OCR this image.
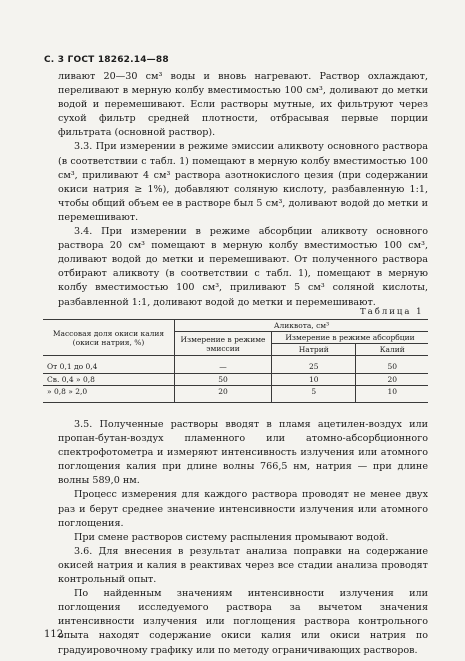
С. 3 ГОСТ 18262.14—88

ливают 20—30 см³ воды и вновь нагревают. Раствор охлаждают, переливают в мерную колбу вместимостью 100 см³, доливают до метки водой и перемешивают. Если растворы мутные, их фильтруют через сухой фильтр средней плотности, отбрасывая первые порции фильтрата (основной раствор).

3.3. При измерении в режиме эмиссии аликвоту основного раствора (в соответствии с табл. 1) помещают в мерную колбу вместимостью 100 см³, приливают 4 см³ раствора азотнокислого цезия (при содержании окиси натрия ≥ 1%), добавляют соляную кислоту, разбавленную 1:1, чтобы общий объем ее в растворе был 5 см³, доливают водой до метки и перемешивают.

3.4. При измерении в режиме абсорбции аликвоту основного раствора 20 см³ помещают в мерную колбу вместимостью 100 см³, доливают водой до метки и перемешивают. От полученного раствора отбирают аликвоту (в соответствии с табл. 1), помещают в мерную колбу вместимостью 100 см³, приливают 5 см³ соляной кислоты, разбавленной 1:1, доливают водой до метки и перемешивают.

Таблица 1
Массовая доля окиси калия (окиси натрия, %)	Аликвота, см³		
	Измерение в режиме эмиссии	Измерение в режиме абсорбции	
		Натрий	Калий
От 0,1 до 0,4	—	25	50
Св. 0,4 » 0,8	50	10	20
» 0,8 » 2,0	20	5	10

3.5. Полученные растворы вводят в пламя ацетилен-воздух или пропан-бутан-воздух пламенного или атомно-абсорбционного спектрофотометра и измеряют интенсивность излучения или атомного поглощения калия при длине волны 766,5 нм, натрия — при длине волны 589,0 нм.

Процесс измерения для каждого раствора проводят не менее двух раз и берут среднее значение интенсивности излучения или атомного поглощения.

При смене растворов систему распыления промывают водой.

3.6. Для внесения в результат анализа поправки на содержание окисей натрия и калия в реактивах через все стадии анализа проводят контрольный опыт.

По найденным значениям интенсивности излучения или поглощения исследуемого раствора за вычетом значения интенсивности излучения или поглощения раствора контрольного опыта находят содержание окиси калия или окиси натрия по градуировочному графику или по методу ограничивающих растворов.

112
